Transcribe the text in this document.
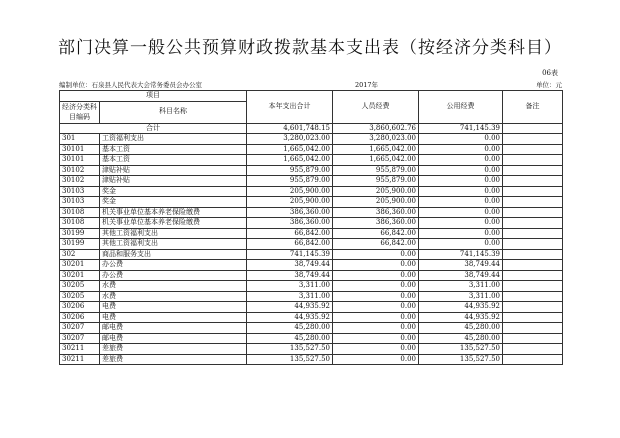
部门决算一般公共预算财政拨款基本支出表（按经济分类科目）
06表
编制单位：石泉县人民代表大会常务委员会办公室	2017年	单位：元
项目		本年支出合计	人员经费	公用经费	备注
经济分类科目编码	科目名称				
合计		4,601,748.15	3,860,602.76	741,145.39	
301	工资福利支出	3,280,023.00	3,280,023.00	0.00	
30101	基本工资	1,665,042.00	1,665,042.00	0.00	
30101	基本工资	1,665,042.00	1,665,042.00	0.00	
30102	津贴补贴	955,879.00	955,879.00	0.00	
30102	津贴补贴	955,879.00	955,879.00	0.00	
30103	奖金	205,900.00	205,900.00	0.00	
30103	奖金	205,900.00	205,900.00	0.00	
30108	机关事业单位基本养老保险缴费	386,360.00	386,360.00	0.00	
30108	机关事业单位基本养老保险缴费	386,360.00	386,360.00	0.00	
30199	其他工资福利支出	66,842.00	66,842.00	0.00	
30199	其他工资福利支出	66,842.00	66,842.00	0.00	
302	商品和服务支出	741,145.39	0.00	741,145.39	
30201	办公费	38,749.44	0.00	38,749.44	
30201	办公费	38,749.44	0.00	38,749.44	
30205	水费	3,311.00	0.00	3,311.00	
30205	水费	3,311.00	0.00	3,311.00	
30206	电费	44,935.92	0.00	44,935.92	
30206	电费	44,935.92	0.00	44,935.92	
30207	邮电费	45,280.00	0.00	45,280.00	
30207	邮电费	45,280.00	0.00	45,280.00	
30211	差旅费	135,527.50	0.00	135,527.50	
30211	差旅费	135,527.50	0.00	135,527.50	
